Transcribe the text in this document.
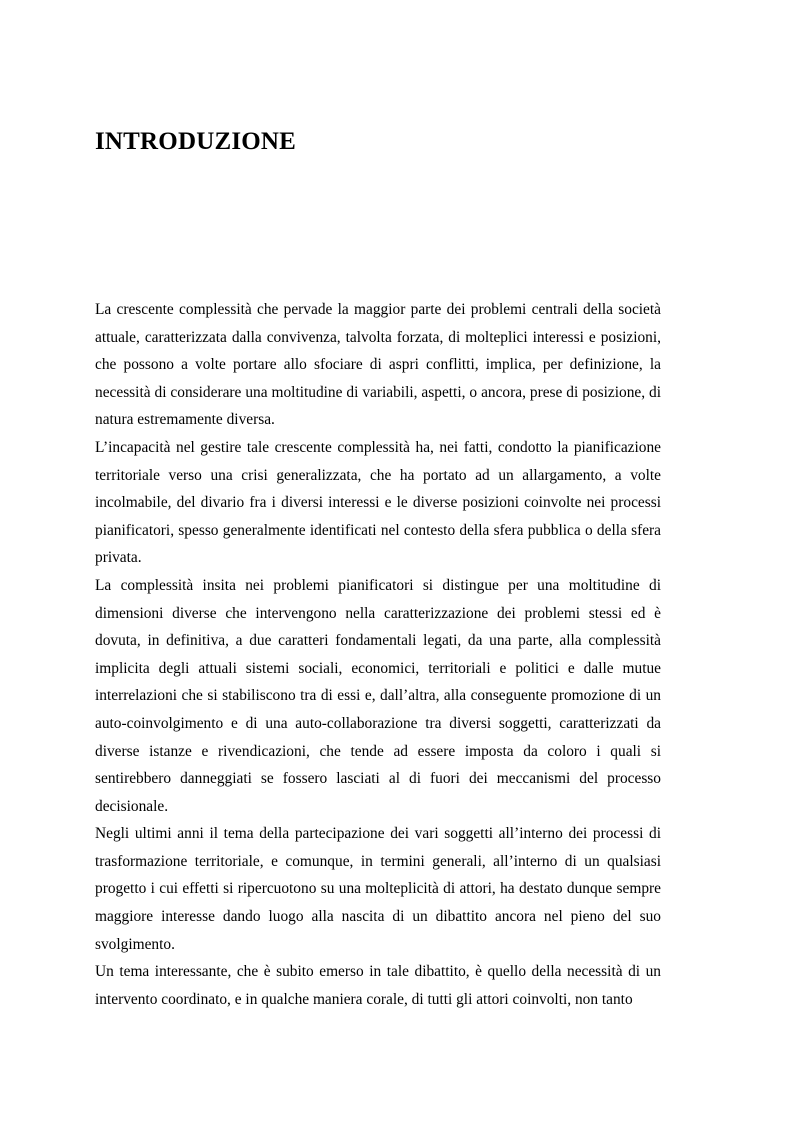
INTRODUZIONE

La crescente complessità che pervade la maggior parte dei problemi centrali della società attuale, caratterizzata dalla convivenza, talvolta forzata, di molteplici interessi e posizioni, che possono a volte portare allo sfociare di aspri conflitti, implica, per definizione, la necessità di considerare una moltitudine di variabili, aspetti, o ancora, prese di posizione, di natura estremamente diversa.

L’incapacità nel gestire tale crescente complessità ha, nei fatti, condotto la pianificazione territoriale verso una crisi generalizzata, che ha portato ad un allargamento, a volte incolmabile, del divario fra i diversi interessi e le diverse posizioni coinvolte nei processi pianificatori, spesso generalmente identificati nel contesto della sfera pubblica o della sfera privata.

La complessità insita nei problemi pianificatori si distingue per una moltitudine di dimensioni diverse che intervengono nella caratterizzazione dei problemi stessi ed è dovuta, in definitiva, a due caratteri fondamentali legati, da una parte, alla complessità implicita degli attuali sistemi sociali, economici, territoriali e politici e dalle mutue interrelazioni che si stabiliscono tra di essi e, dall’altra, alla conseguente promozione di un auto-coinvolgimento e di una auto-collaborazione tra diversi soggetti, caratterizzati da diverse istanze e rivendicazioni, che tende ad essere imposta da coloro i quali si sentirebbero danneggiati se fossero lasciati al di fuori dei meccanismi del processo decisionale.

Negli ultimi anni il tema della partecipazione dei vari soggetti all’interno dei processi di trasformazione territoriale, e comunque, in termini generali, all’interno di un qualsiasi progetto i cui effetti si ripercuotono su una molteplicità di attori, ha destato dunque sempre maggiore interesse dando luogo alla nascita di un dibattito ancora nel pieno del suo svolgimento.

Un tema interessante, che è subito emerso in tale dibattito, è quello della necessità di un intervento coordinato, e in qualche maniera corale, di tutti gli attori coinvolti, non tanto
